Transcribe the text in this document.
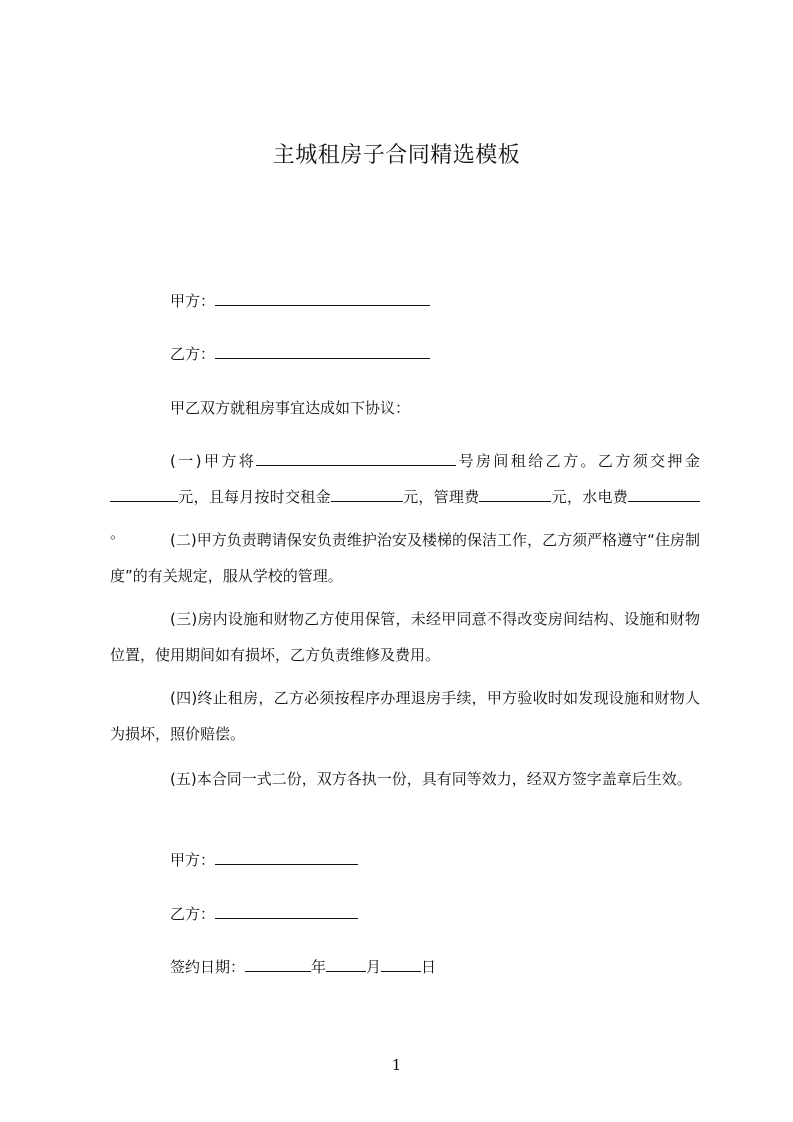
主城租房子合同精选模板
甲方：
乙方：
甲乙双方就租房事宜达成如下协议：
(一)甲方将	号房间租给乙方。乙方须交押金元，且每月按时交租金	元，管理费	元，水电费。	(二)甲方负责聘请保安负责维护治安及楼梯的保洁工作，乙方须严格遵守“住房制度”的有关规定，服从学校的管理。
(三)房内设施和财物乙方使用保管，未经甲同意不得改变房间结构、设施和财物位置，使用期间如有损坏，乙方负责维修及费用。
(四)终止租房，乙方必须按程序办理退房手续，甲方验收时如发现设施和财物人为损坏，照价赔偿。
(五)本合同一式二份，双方各执一份，具有同等效力，经双方签字盖章后生效。
甲方：
乙方：
签约日期：	年	月	日
1
